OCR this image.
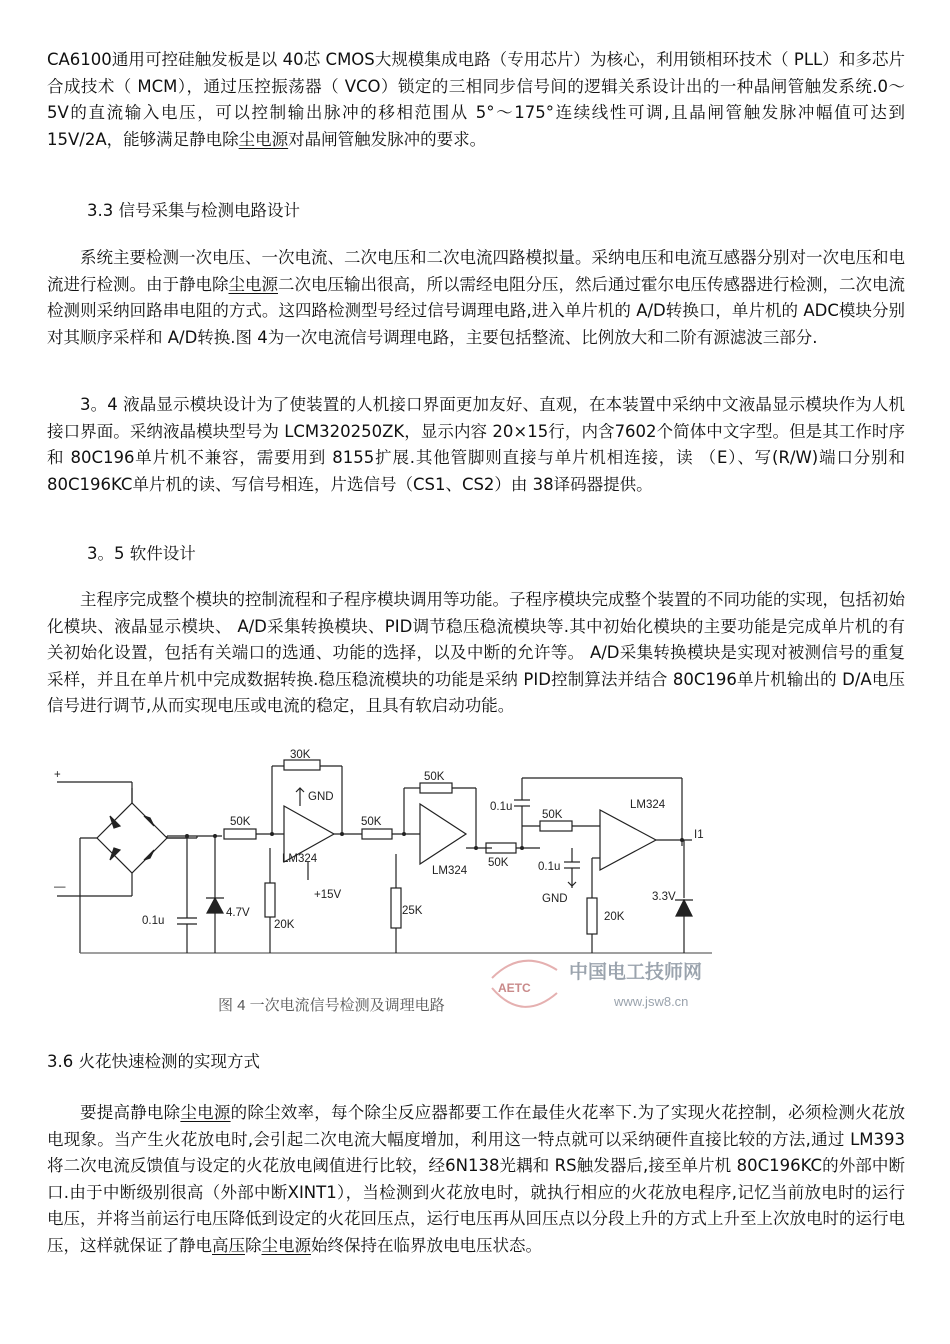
CA6100通用可控硅触发板是以 40芯 CMOS大规模集成电路（专用芯片）为核心，利用锁相环技术（ PLL）和多芯片合成技术（ MCM），通过压控振荡器（ VCO）锁定的三相同步信号间的逻辑关系设计出的一种晶闸管触发系统.0～5V的直流输入电压，可以控制输出脉冲的移相范围从 5°～175°连续线性可调,且晶闸管触发脉冲幅值可达到 15V/2A，能够满足静电除尘电源对晶闸管触发脉冲的要求。

3.3 信号采集与检测电路设计

系统主要检测一次电压、一次电流、二次电压和二次电流四路模拟量。采纳电压和电流互感器分别对一次电压和电流进行检测。由于静电除尘电源二次电压输出很高，所以需经电阻分压，然后通过霍尔电压传感器进行检测，二次电流检测则采纳回路串电阻的方式。这四路检测型号经过信号调理电路,进入单片机的 A/D转换口，单片机的 ADC模块分别对其顺序采样和 A/D转换.图 4为一次电流信号调理电路，主要包括整流、比例放大和二阶有源滤波三部分.

3。4 液晶显示模块设计为了使装置的人机接口界面更加友好、直观，在本装置中采纳中文液晶显示模块作为人机接口界面。采纳液晶模块型号为 LCM320250ZK，显示内容 20×15行，内含7602个简体中文字型。但是其工作时序和 80C196单片机不兼容，需要用到 8155扩展.其他管脚则直接与单片机相连接，读 （E）、写(R/W)端口分别和 80C196KC单片机的读、写信号相连，片选信号（CS1、CS2）由 38译码器提供。

3。5 软件设计

主程序完成整个模块的控制流程和子程序模块调用等功能。子程序模块完成整个装置的不同功能的实现，包括初始化模块、液晶显示模块、 A/D采集转换模块、PID调节稳压稳流模块等.其中初始化模块的主要功能是完成单片机的有关初始化设置，包括有关端口的选通、功能的选择，以及中断的允许等。 A/D采集转换模块是实现对被测信号的重复采样，并且在单片机中完成数据转换.稳压稳流模块的功能是采纳 PID控制算法并结合 80C196单片机输出的 D/A电压信号进行调节,从而实现电压或电流的稳定，且具有软启动功能。

+
—
30K
GND
50K
50K
LM324
50K
LM324
0.1u
50K
50K	0.1u
LM324
I1
GND
0.1u
4.7V
20K
+15V
25K	20K
3.3V
中国电工技师网
AETC
www.jsw8.cn
图 4 一次电流信号检测及调理电路

3.6 火花快速检测的实现方式

要提高静电除尘电源的除尘效率，每个除尘反应器都要工作在最佳火花率下.为了实现火花控制，必须检测火花放电现象。当产生火花放电时,会引起二次电流大幅度增加，利用这一特点就可以采纳硬件直接比较的方法,通过 LM393将二次电流反馈值与设定的火花放电阈值进行比较，经6N138光耦和 RS触发器后,接至单片机 80C196KC的外部中断口.由于中断级别很高（外部中断XINT1），当检测到火花放电时，就执行相应的火花放电程序,记忆当前放电时的运行电压，并将当前运行电压降低到设定的火花回压点，运行电压再从回压点以分段上升的方式上升至上次放电时的运行电压，这样就保证了静电高压除尘电源始终保持在临界放电电压状态。
